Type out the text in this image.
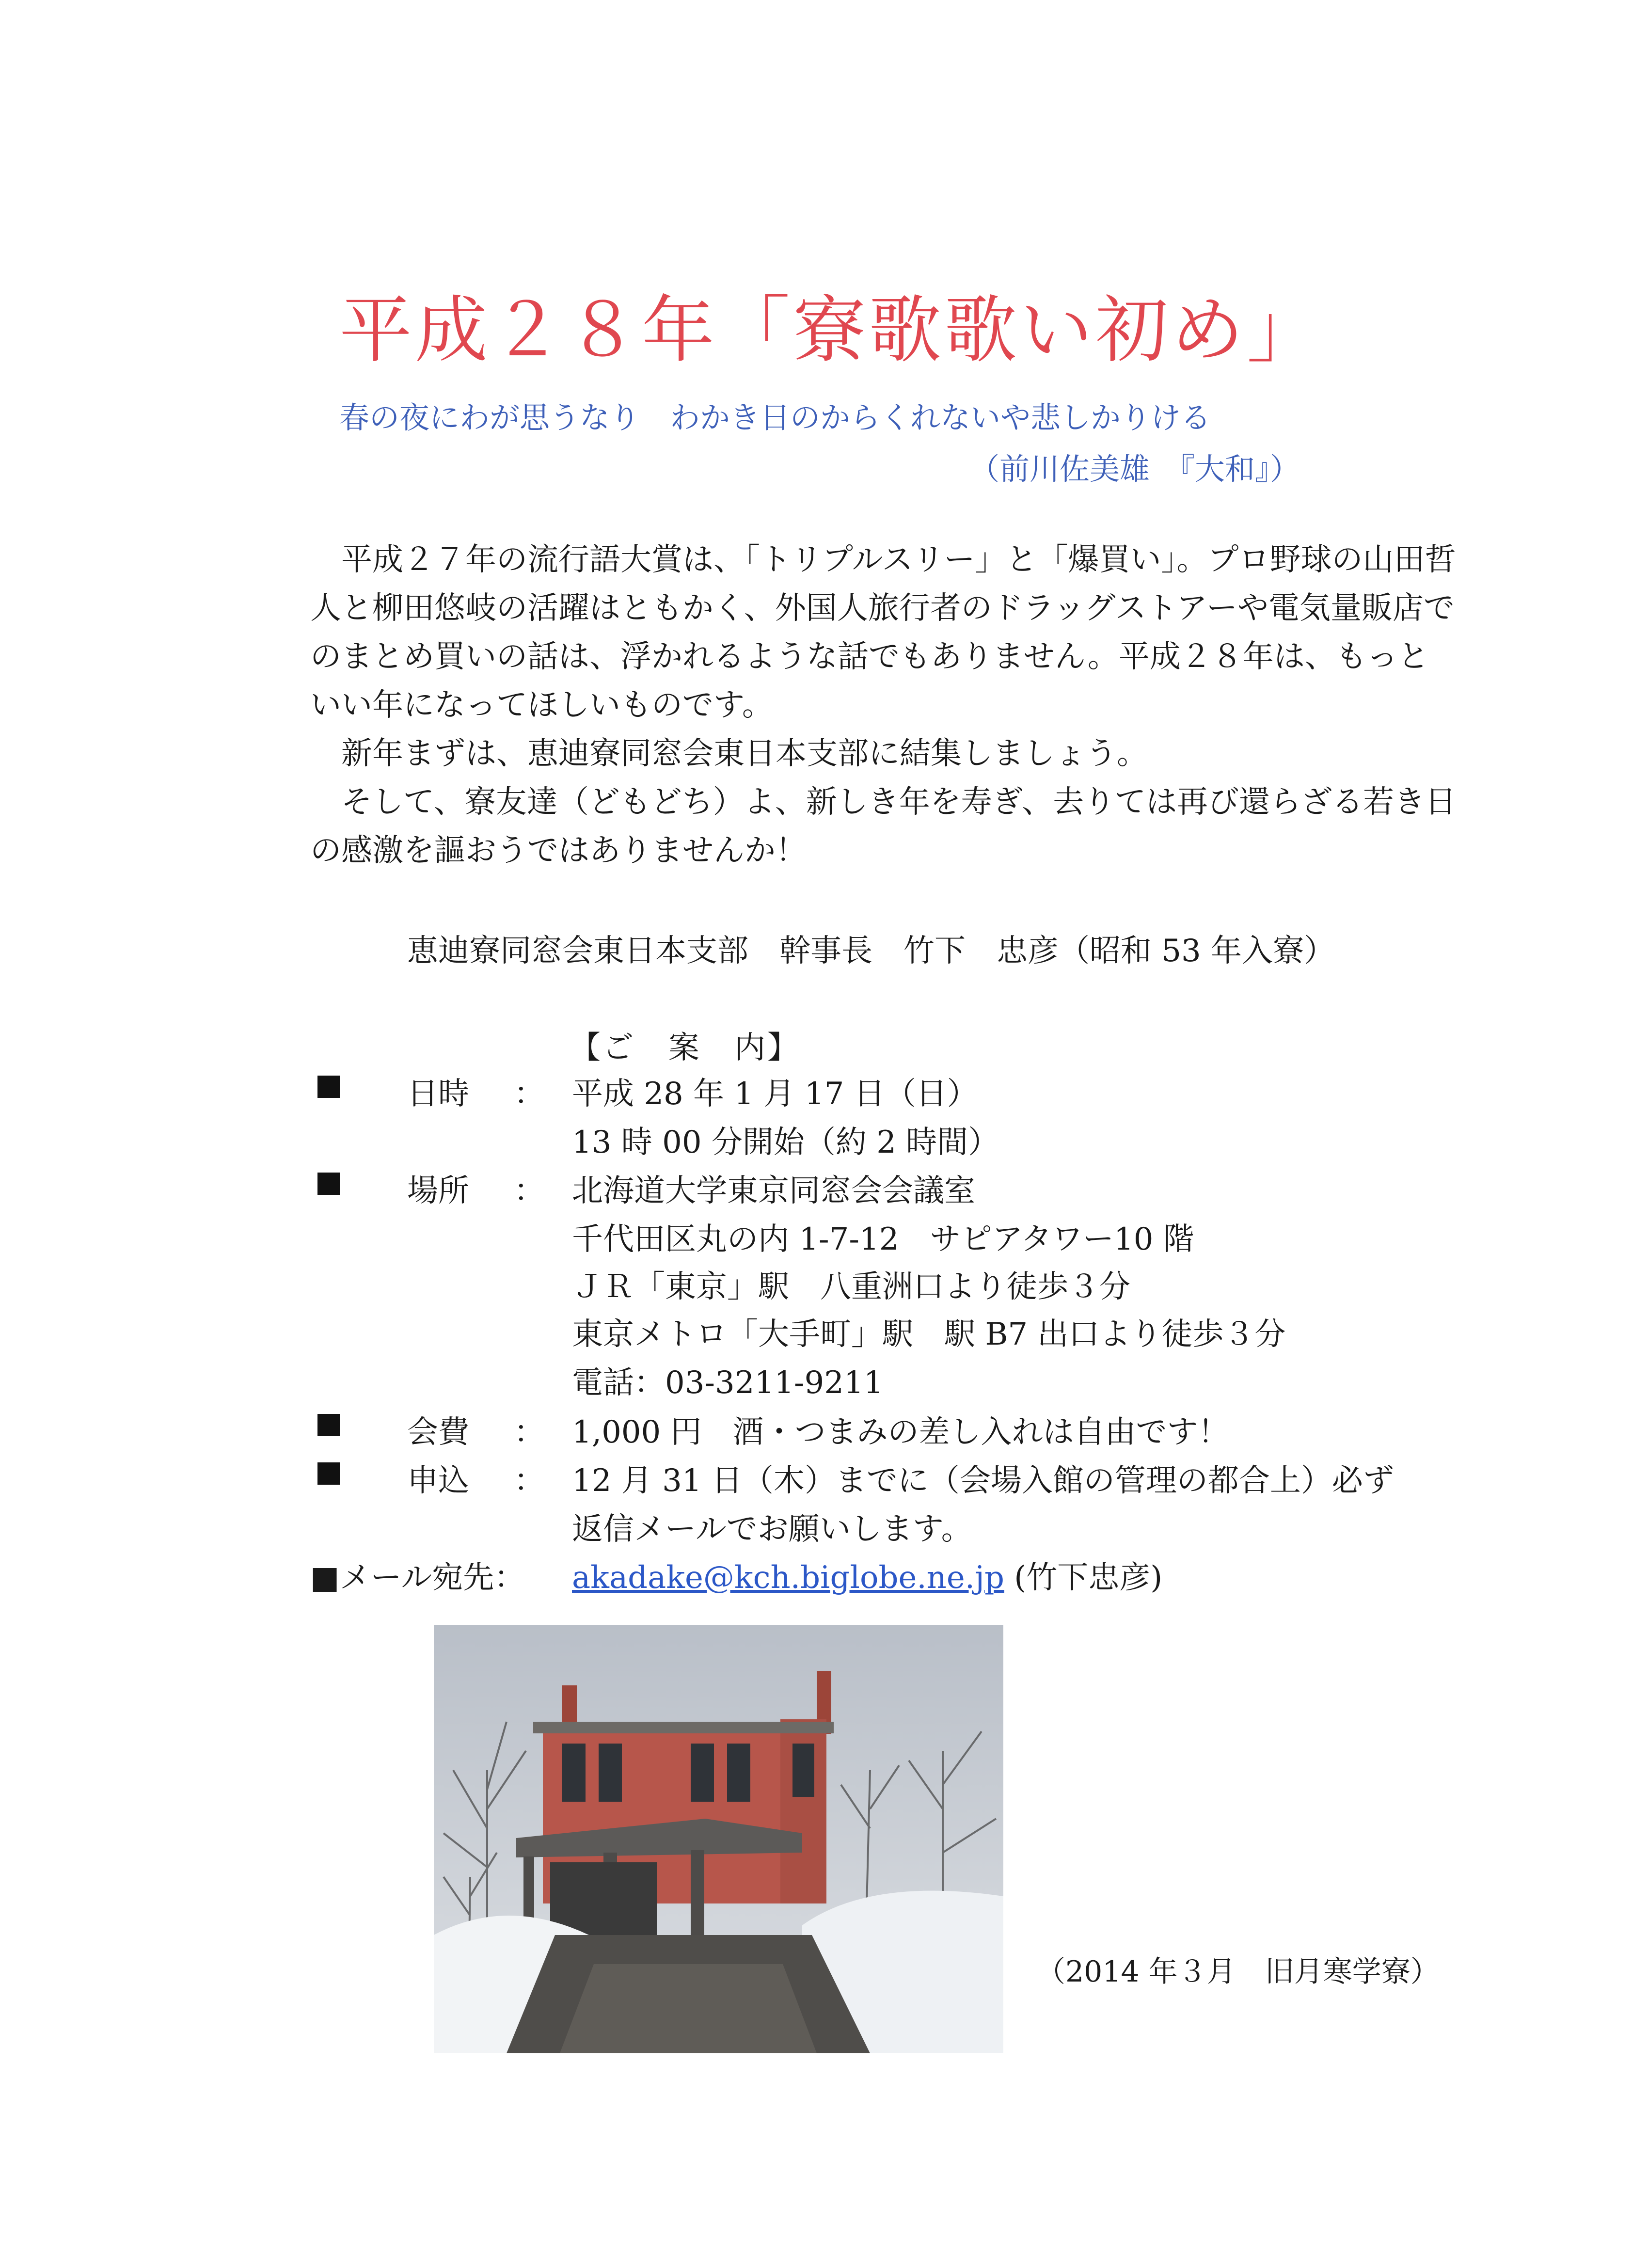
平成２８年「寮歌歌い初め」
春の夜にわが思うなり　わかき日のからくれないや悲しかりける
（前川佐美雄　『大和』）

平成２７年の流行語大賞は、「トリプルスリー」と「爆買い」。プロ野球の山田哲人と柳田悠岐の活躍はともかく、外国人旅行者のドラッグストアーや電気量販店でのまとめ買いの話は、浮かれるような話でもありません。平成２８年は、もっといい年になってほしいものです。

新年まずは、恵迪寮同窓会東日本支部に結集しましょう。

そして、寮友達（どもどち）よ、新しき年を寿ぎ、去りては再び還らざる若き日の感激を謳おうではありませんか！

恵迪寮同窓会東日本支部　幹事長　竹下　忠彦（昭和 53 年入寮）
【ご　案　内】
日時 ： 平成 28 年 1 月 17 日（日）
13 時 00 分開始（約 2 時間）
場所 ： 北海道大学東京同窓会会議室
千代田区丸の内 1-7-12　サピアタワー10 階
ＪＲ「東京」駅　八重洲口より徒歩３分
東京メトロ「大手町」駅　駅 B7 出口より徒歩３分
電話：03-3211-9211
会費 ： 1,000 円　酒・つまみの差し入れは自由です！
申込 ： 12 月 31 日（木）までに（会場入館の管理の都合上）必ず
返信メールでお願いします。
■メール宛先： akadake@kch.biglobe.ne.jp (竹下忠彦)
（2014 年３月　旧月寒学寮）
